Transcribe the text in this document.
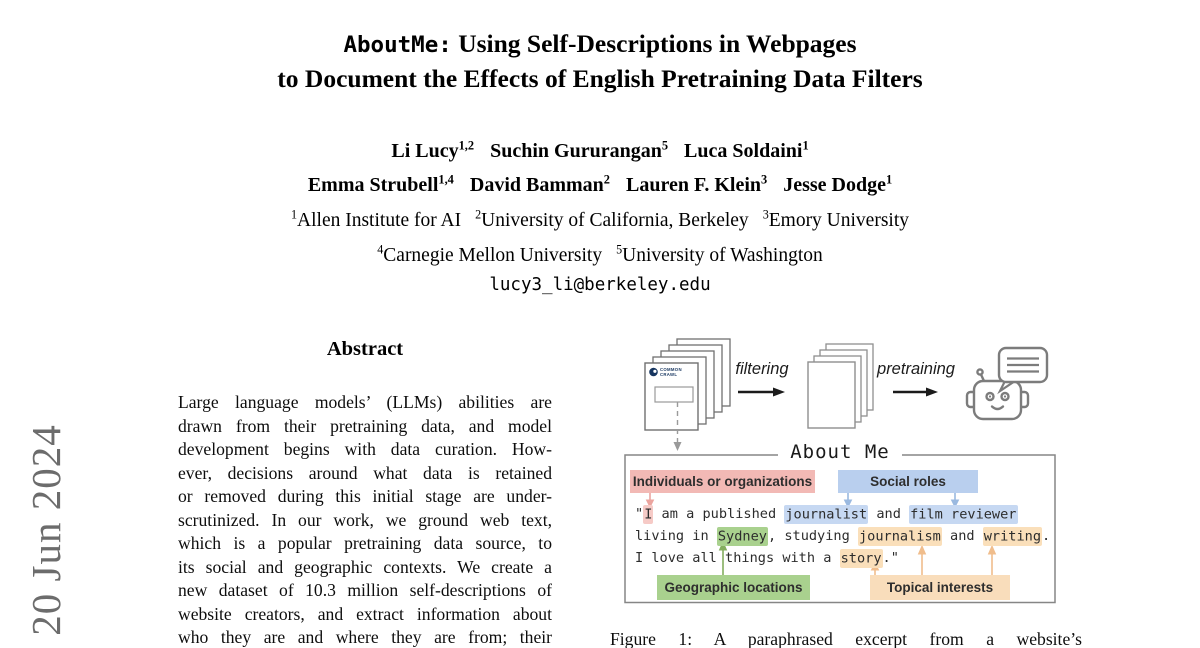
20 Jun 2024
AboutMe: Using Self-Descriptions in Webpages
to Document the Effects of English Pretraining Data Filters
Li Lucy$^{1,2}$ Suchin Gururangan$^5$ Luca Soldaini$^1$
Emma Strubell$^{1,4}$ David Bamman$^2$ Lauren F. Klein$^3$ Jesse Dodge$^1$
$^1$Allen Institute for AI $^2$University of California, Berkeley $^3$Emory University
$^4$Carnegie Mellon University $^5$University of Washington
lucy3_li@berkeley.edu
Abstract
Large language models’ (LLMs) abilities are
drawn from their pretraining data, and model
development begins with data curation. How-
ever, decisions around what data is retained
or removed during this initial stage are under-
scrutinized. In our work, we ground web text,
which is a popular pretraining data source, to
its social and geographic contexts. We create a
new dataset of 10.3 million self-descriptions of
website creators, and extract information about
who they are and where they are from; their
COMMON
CRAWL	filtering	pretraining
About Me
Individuals or organizations	Social roles
"I am a published journalist and film reviewer
living in Sydney, studying journalism and writing.
I love all things with a story."
Geographic locations	Topical interests
Figure 1: A paraphrased excerpt from a website’s
